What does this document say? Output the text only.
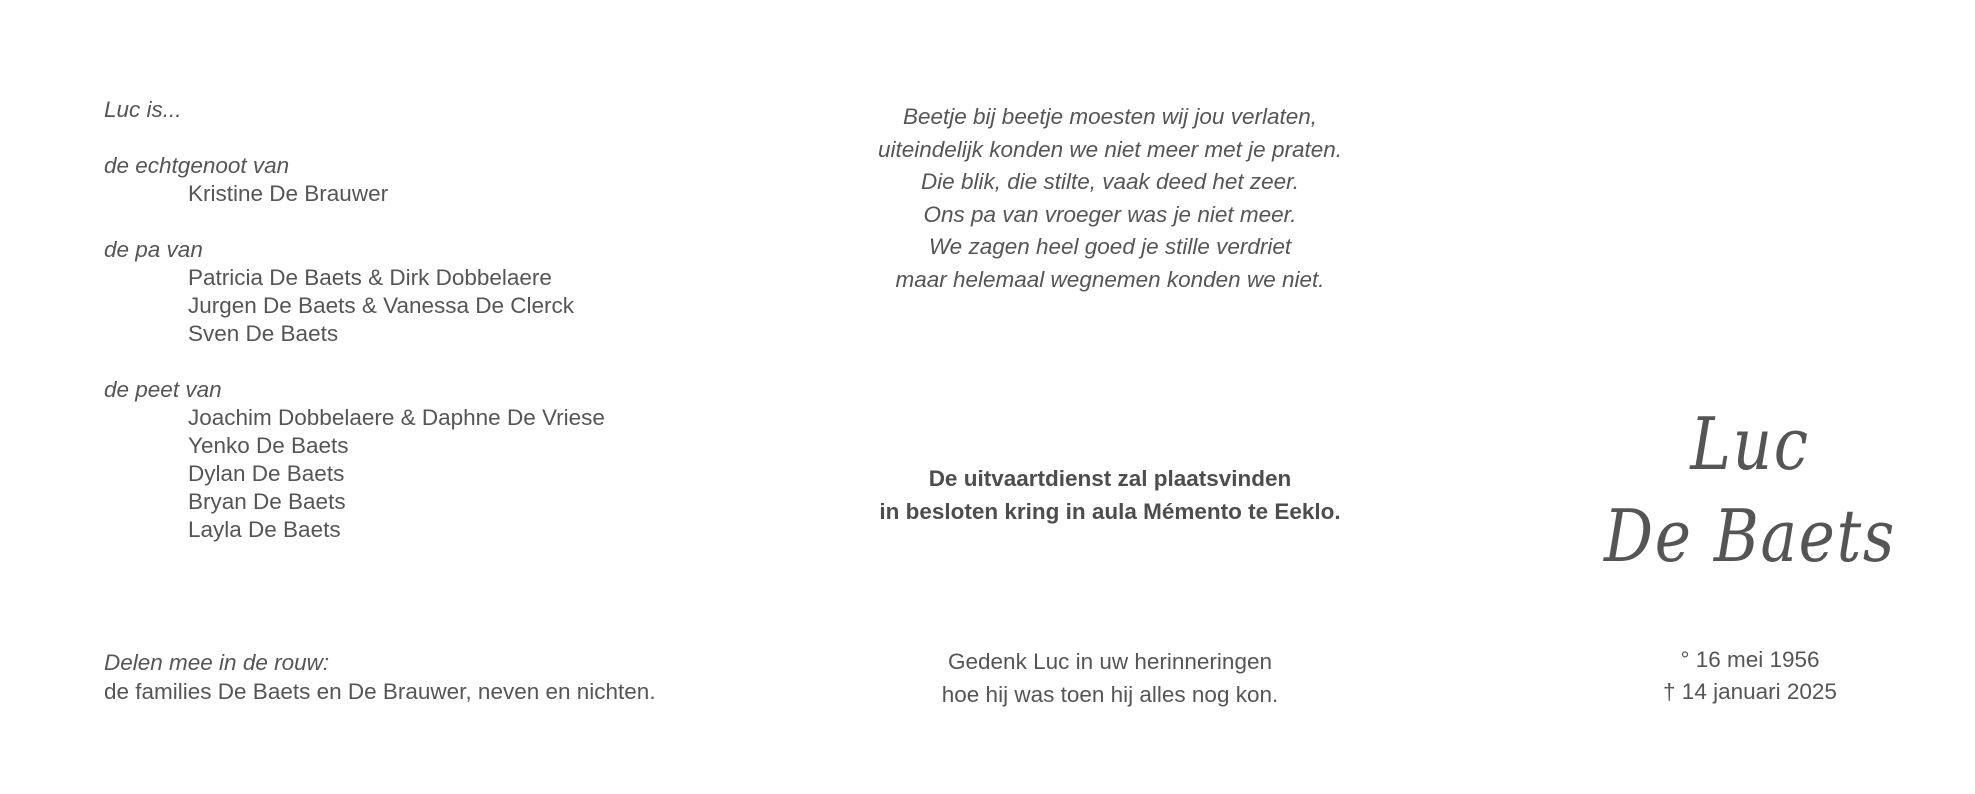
Luc is...
de echtgenoot van
Kristine De Brauwer
de pa van
Patricia De Baets & Dirk Dobbelaere
Jurgen De Baets & Vanessa De Clerck
Sven De Baets
de peet van
Joachim Dobbelaere & Daphne De Vriese
Yenko De Baets
Dylan De Baets
Bryan De Baets
Layla De Baets
Delen mee in de rouw:
de families De Baets en De Brauwer, neven en nichten.
Beetje bij beetje moesten wij jou verlaten,
uiteindelijk konden we niet meer met je praten.
Die blik, die stilte, vaak deed het zeer.
Ons pa van vroeger was je niet meer.
We zagen heel goed je stille verdriet
maar helemaal wegnemen konden we niet.
De uitvaartdienst zal plaatsvinden
in besloten kring in aula Mémento te Eeklo.
Gedenk Luc in uw herinneringen
hoe hij was toen hij alles nog kon.
Luc
De Baets
° 16 mei 1956
† 14 januari 2025
